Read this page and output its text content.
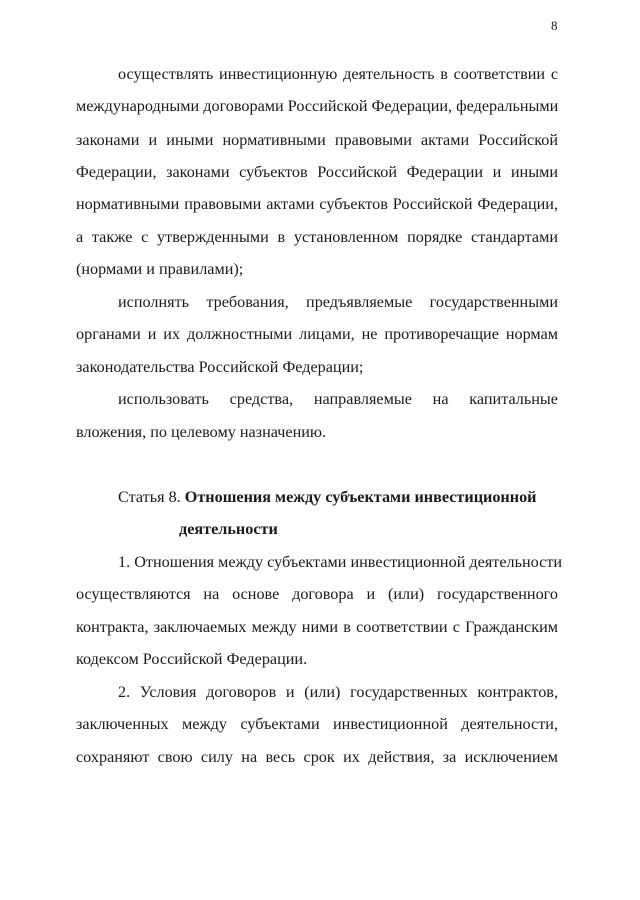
8
осуществлять инвестиционную деятельность в соответствии с
международными договорами Российской Федерации, федеральными
законами и иными нормативными правовыми актами Российской
Федерации, законами субъектов Российской Федерации и иными
нормативными правовыми актами субъектов Российской Федерации,
а также с утвержденными в установленном порядке стандартами
(нормами и правилами);
исполнять требования, предъявляемые государственными
органами и их должностными лицами, не противоречащие нормам
законодательства Российской Федерации;
использовать средства, направляемые на капитальные
вложения, по целевому назначению.
Статья 8. Отношения между субъектами инвестиционной
деятельности
1. Отношения между субъектами инвестиционной деятельности
осуществляются на основе договора и (или) государственного
контракта, заключаемых между ними в соответствии с Гражданским
кодексом Российской Федерации.
2. Условия договоров и (или) государственных контрактов,
заключенных между субъектами инвестиционной деятельности,
сохраняют свою силу на весь срок их действия, за исключением
